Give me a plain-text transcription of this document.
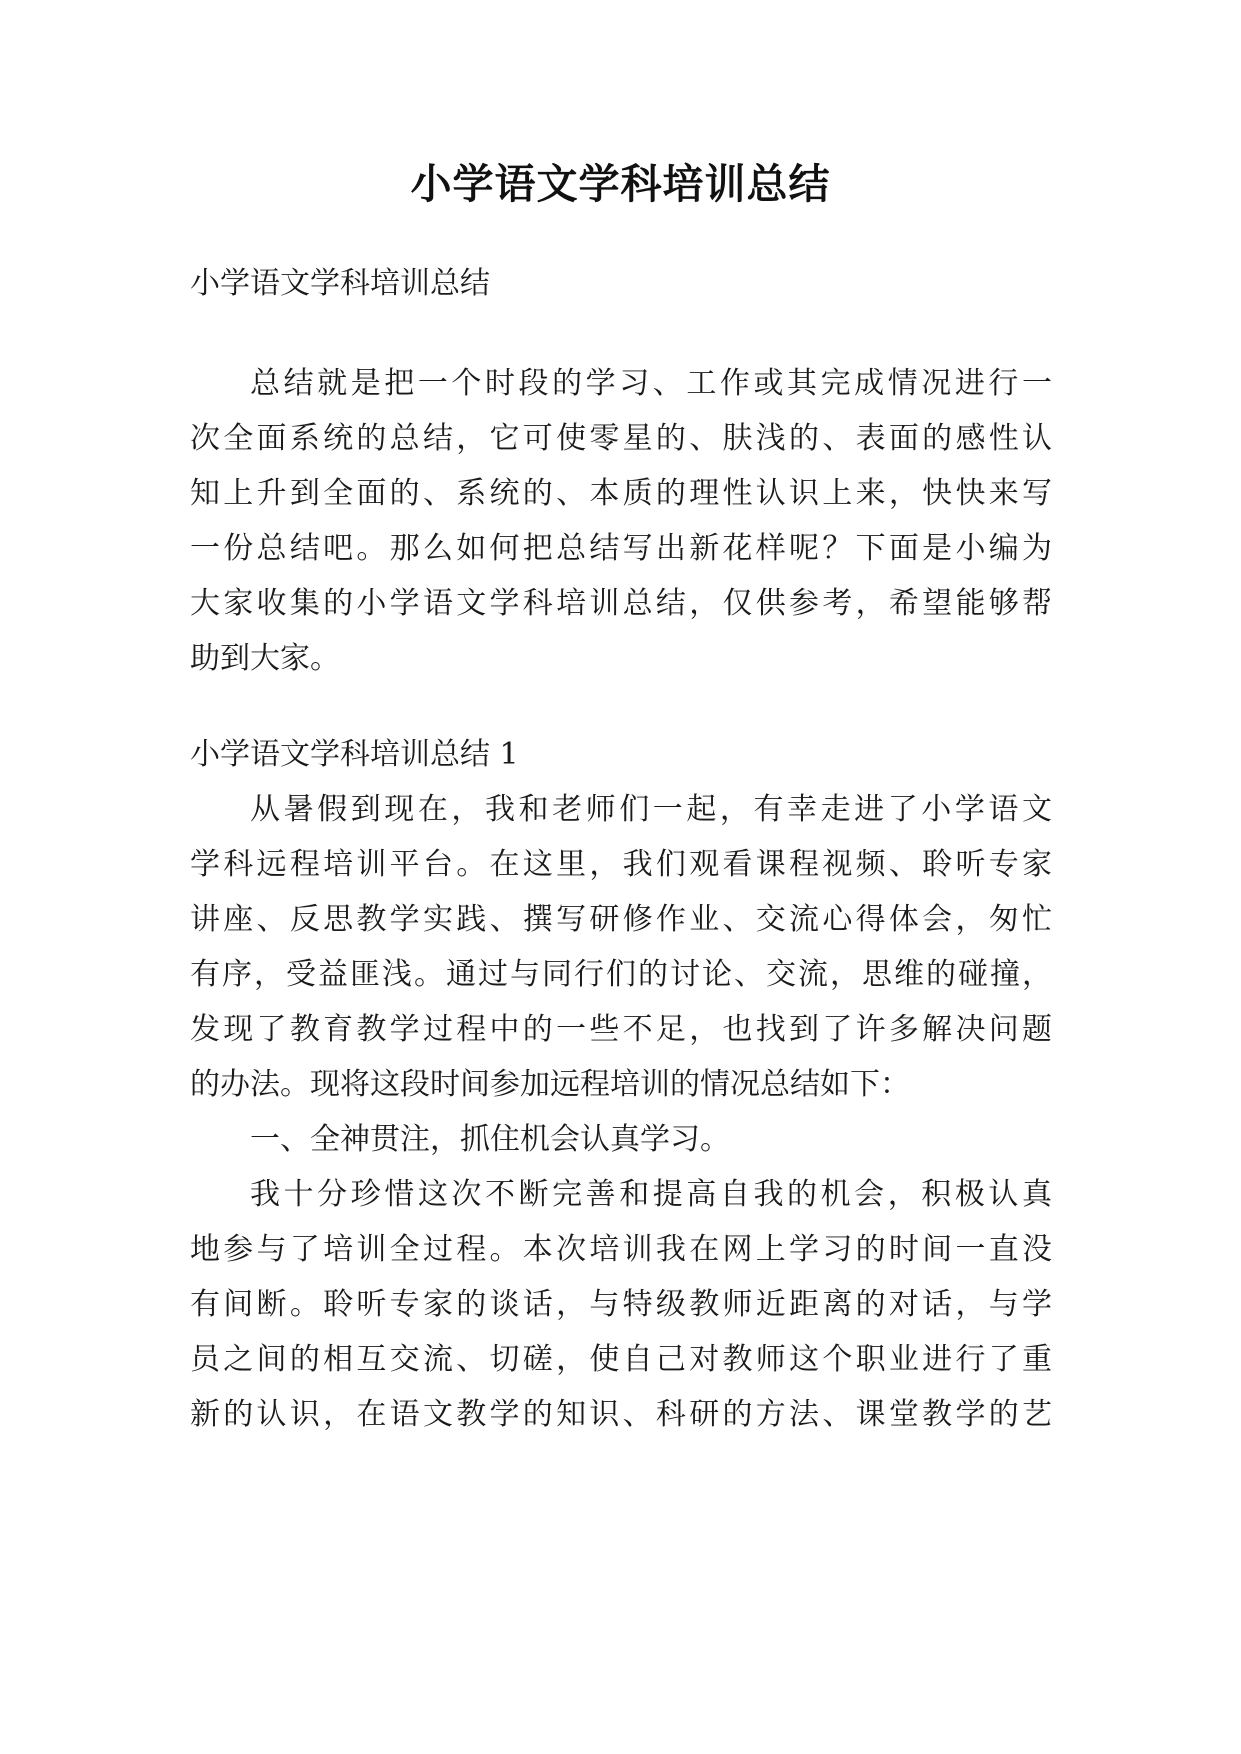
小学语文学科培训总结
小学语文学科培训总结
总结就是把一个时段的学习、工作或其完成情况进行一
次全面系统的总结，它可使零星的、肤浅的、表面的感性认
知上升到全面的、系统的、本质的理性认识上来，快快来写
一份总结吧。那么如何把总结写出新花样呢？下面是小编为
大家收集的小学语文学科培训总结，仅供参考，希望能够帮
助到大家。
小学语文学科培训总结 1
从暑假到现在，我和老师们一起，有幸走进了小学语文
学科远程培训平台。在这里，我们观看课程视频、聆听专家
讲座、反思教学实践、撰写研修作业、交流心得体会，匆忙
有序，受益匪浅。通过与同行们的讨论、交流，思维的碰撞，
发现了教育教学过程中的一些不足，也找到了许多解决问题
的办法。现将这段时间参加远程培训的情况总结如下：
一、全神贯注，抓住机会认真学习。
我十分珍惜这次不断完善和提高自我的机会，积极认真
地参与了培训全过程。本次培训我在网上学习的时间一直没
有间断。聆听专家的谈话，与特级教师近距离的对话，与学
员之间的相互交流、切磋，使自己对教师这个职业进行了重
新的认识，在语文教学的知识、科研的方法、课堂教学的艺
